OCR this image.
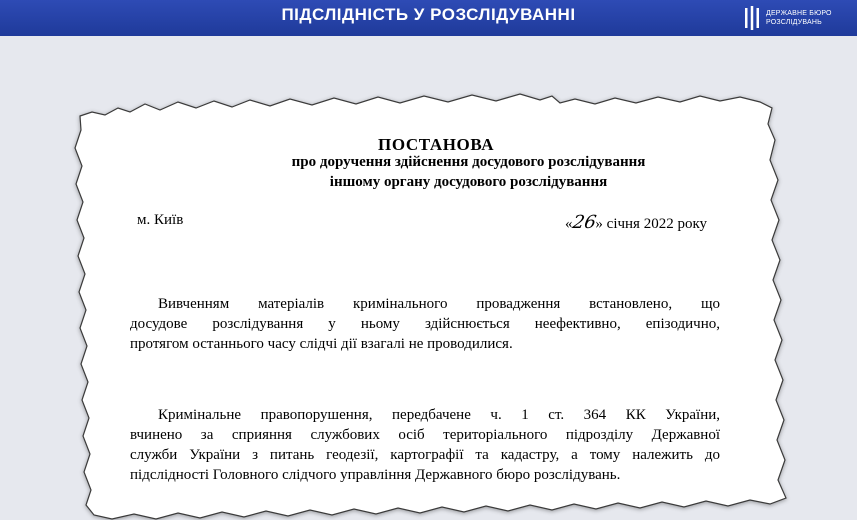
ПІДСЛІДНІСТЬ У РОЗСЛІДУВАННІ	ДЕРЖАВНЕ БЮРО
РОЗСЛІДУВАНЬ
ПОСТАНОВА
про доручення здійснення досудового розслідування
іншому органу досудового розслідування
м. Київ	«26» січня 2022 року
Вивченням матеріалів кримінального провадження встановлено, що
досудове розслідування у ньому здійснюється неефективно, епізодично,
протягом останнього часу слідчі дії взагалі не проводилися.
Кримінальне правопорушення, передбачене ч. 1 ст. 364 КК України,
вчинено за сприяння службових осіб територіального підрозділу Державної
служби України з питань геодезії, картографії та кадастру, а тому належить до
підслідності Головного слідчого управління Державного бюро розслідувань.
